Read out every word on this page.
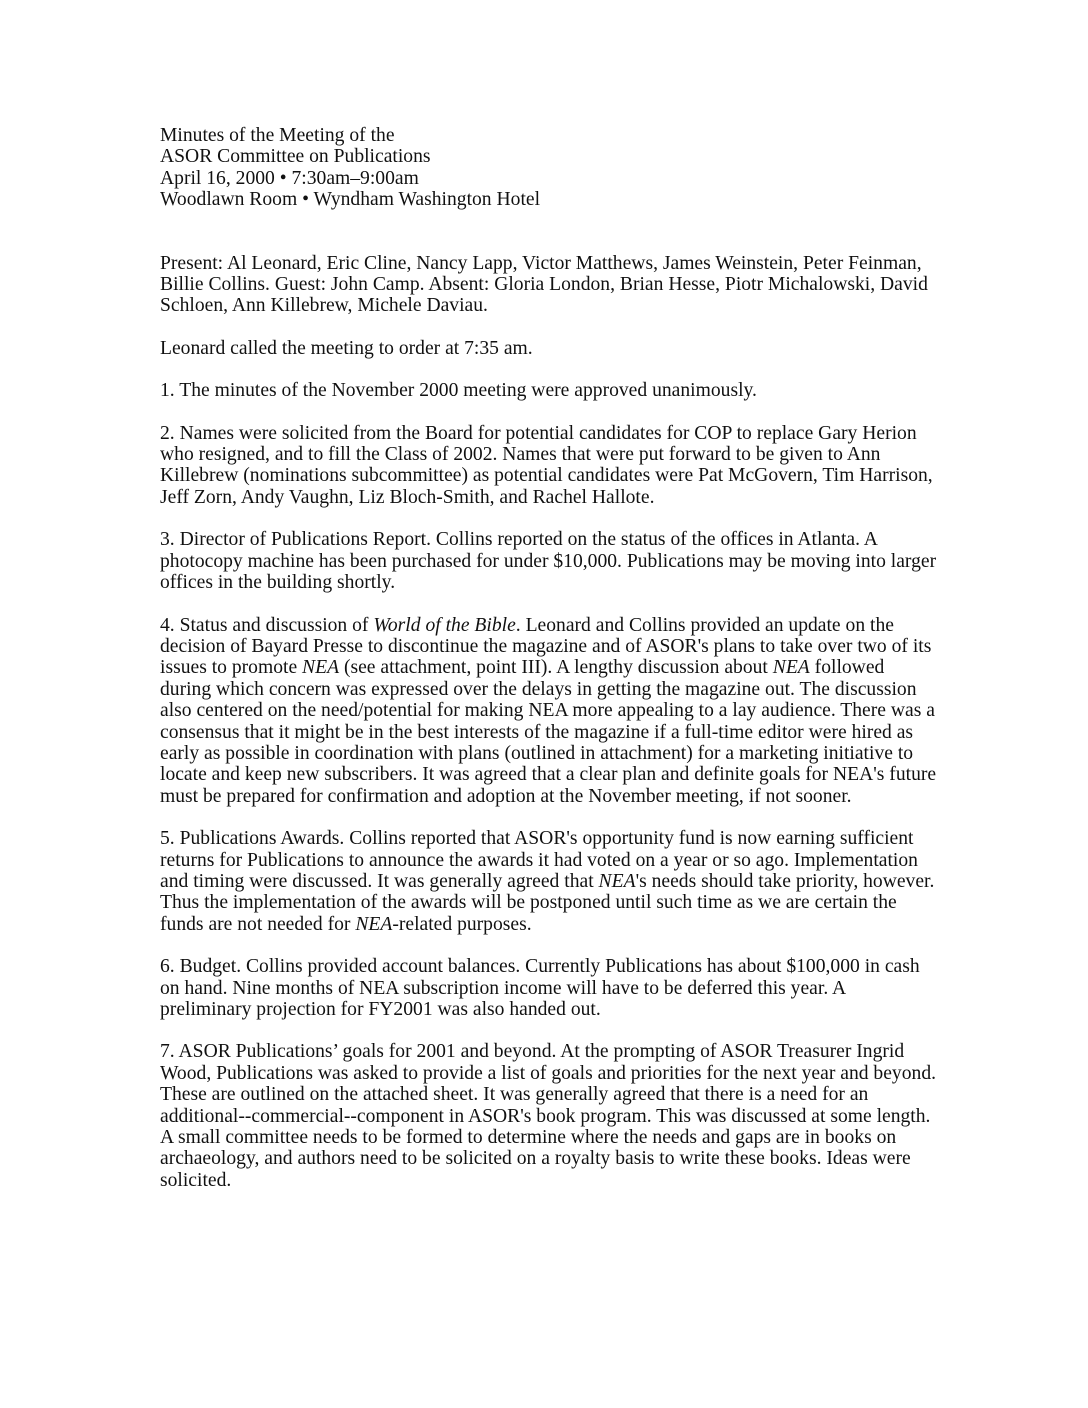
Minutes of the Meeting of the
ASOR Committee on Publications
April 16, 2000 • 7:30am–9:00am
Woodlawn Room • Wyndham Washington Hotel

Present: Al Leonard, Eric Cline, Nancy Lapp, Victor Matthews, James Weinstein, Peter Feinman, Billie Collins. Guest: John Camp. Absent: Gloria London, Brian Hesse, Piotr Michalowski, David Schloen, Ann Killebrew, Michele Daviau.

Leonard called the meeting to order at 7:35 am.

1. The minutes of the November 2000 meeting were approved unanimously.

2. Names were solicited from the Board for potential candidates for COP to replace Gary Herion who resigned, and to fill the Class of 2002. Names that were put forward to be given to Ann Killebrew (nominations subcommittee) as potential candidates were Pat McGovern, Tim Harrison, Jeff Zorn, Andy Vaughn, Liz Bloch-Smith, and Rachel Hallote.

3. Director of Publications Report. Collins reported on the status of the offices in Atlanta. A photocopy machine has been purchased for under $10,000. Publications may be moving into larger offices in the building shortly.

4. Status and discussion of World of the Bible. Leonard and Collins provided an update on the decision of Bayard Presse to discontinue the magazine and of ASOR's plans to take over two of its issues to promote NEA (see attachment, point III). A lengthy discussion about NEA followed during which concern was expressed over the delays in getting the magazine out. The discussion also centered on the need/potential for making NEA more appealing to a lay audience. There was a consensus that it might be in the best interests of the magazine if a full-time editor were hired as early as possible in coordination with plans (outlined in attachment) for a marketing initiative to locate and keep new subscribers. It was agreed that a clear plan and definite goals for NEA's future must be prepared for confirmation and adoption at the November meeting, if not sooner.

5. Publications Awards. Collins reported that ASOR's opportunity fund is now earning sufficient returns for Publications to announce the awards it had voted on a year or so ago. Implementation and timing were discussed. It was generally agreed that NEA's needs should take priority, however. Thus the implementation of the awards will be postponed until such time as we are certain the funds are not needed for NEA-related purposes.

6. Budget. Collins provided account balances. Currently Publications has about $100,000 in cash on hand. Nine months of NEA subscription income will have to be deferred this year. A preliminary projection for FY2001 was also handed out.

7. ASOR Publications’ goals for 2001 and beyond. At the prompting of ASOR Treasurer Ingrid Wood, Publications was asked to provide a list of goals and priorities for the next year and beyond. These are outlined on the attached sheet. It was generally agreed that there is a need for an additional--commercial--component in ASOR's book program. This was discussed at some length. A small committee needs to be formed to determine where the needs and gaps are in books on archaeology, and authors need to be solicited on a royalty basis to write these books. Ideas were solicited.
